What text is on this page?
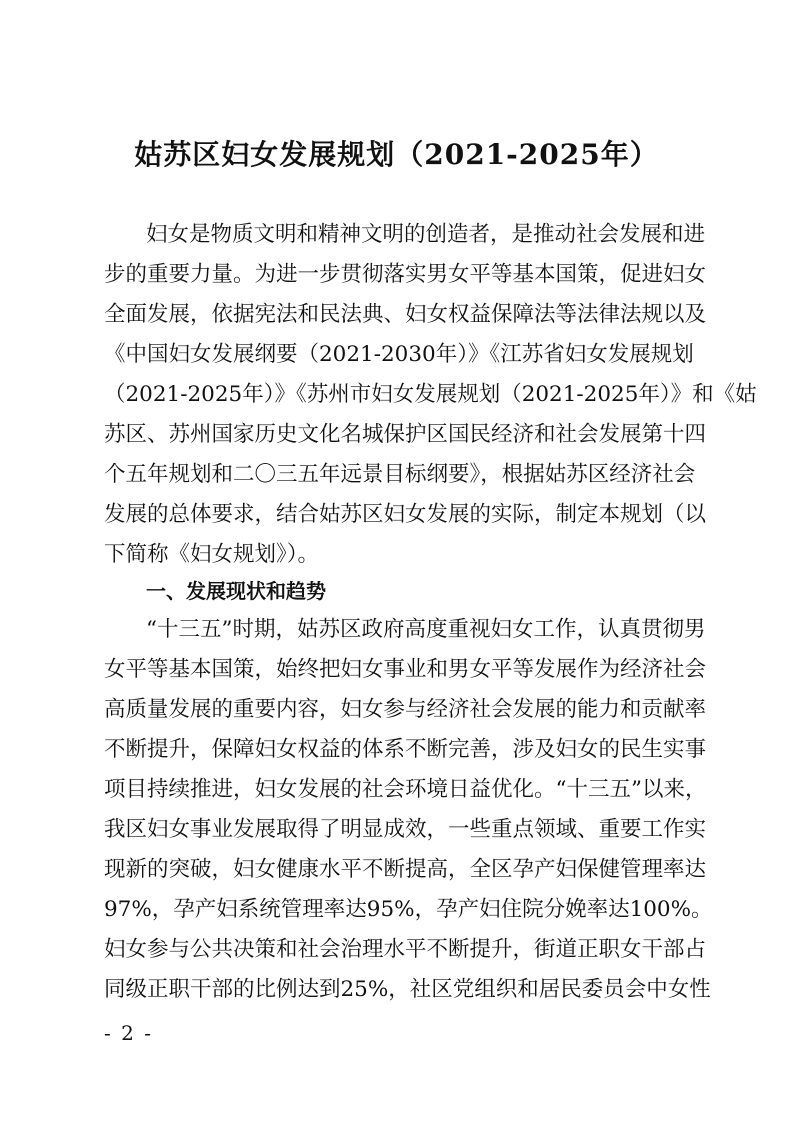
姑苏区妇女发展规划（2021-2025年）
妇女是物质文明和精神文明的创造者，是推动社会发展和进
步的重要力量。为进一步贯彻落实男女平等基本国策，促进妇女
全面发展，依据宪法和民法典、妇女权益保障法等法律法规以及
《中国妇女发展纲要（2021-2030年）》《江苏省妇女发展规划
（2021-2025年）》《苏州市妇女发展规划（2021-2025年）》和《姑
苏区、苏州国家历史文化名城保护区国民经济和社会发展第十四
个五年规划和二〇三五年远景目标纲要》，根据姑苏区经济社会
发展的总体要求，结合姑苏区妇女发展的实际，制定本规划（以
下简称《妇女规划》）。
一、发展现状和趋势
“十三五”时期，姑苏区政府高度重视妇女工作，认真贯彻男
女平等基本国策，始终把妇女事业和男女平等发展作为经济社会
高质量发展的重要内容，妇女参与经济社会发展的能力和贡献率
不断提升，保障妇女权益的体系不断完善，涉及妇女的民生实事
项目持续推进，妇女发展的社会环境日益优化。“十三五”以来，
我区妇女事业发展取得了明显成效，一些重点领域、重要工作实
现新的突破，妇女健康水平不断提高，全区孕产妇保健管理率达
97%，孕产妇系统管理率达95%，孕产妇住院分娩率达100%。
妇女参与公共决策和社会治理水平不断提升，街道正职女干部占
同级正职干部的比例达到25%，社区党组织和居民委员会中女性
- 2 -
